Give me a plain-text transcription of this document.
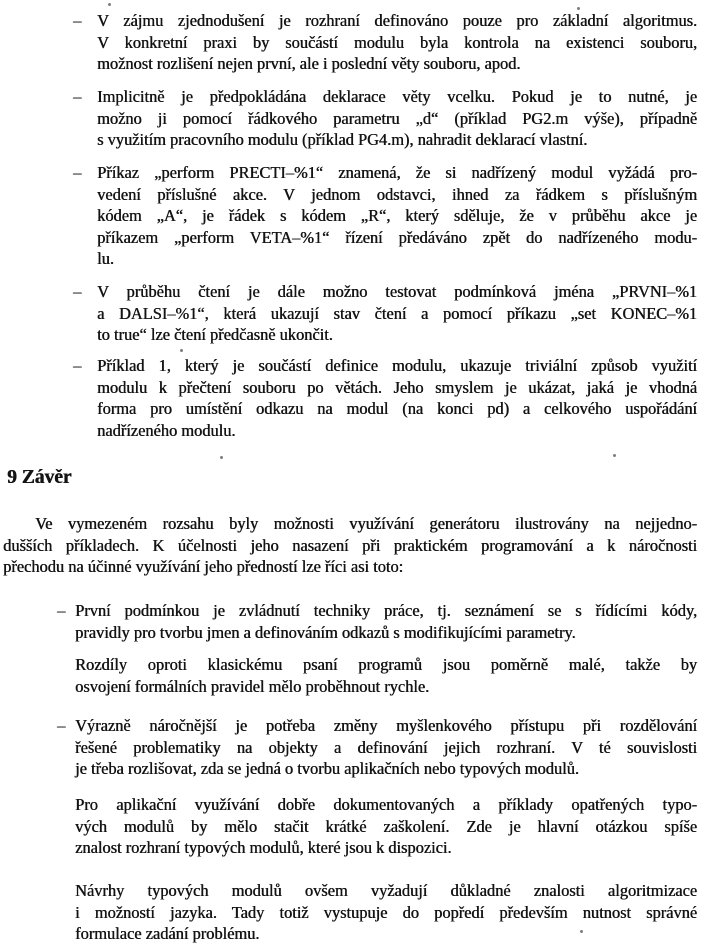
– V zájmu zjednodušení je rozhraní definováno pouze pro základní algoritmus.
V konkretní praxi by součástí modulu byla kontrola na existenci souboru,
možnost rozlišení nejen první, ale i poslední věty souboru, apod.
– Implicitně je předpokládána deklarace věty vcelku. Pokud je to nutné, je
možno ji pomocí řádkového parametru „d“ (příklad PG2.m výše), případně
s využitím pracovního modulu (příklad PG4.m), nahradit deklarací vlastní.
– Příkaz „perform PRECTI–%1“ znamená, že si nadřízený modul vyžádá pro-
vedení příslušné akce. V jednom odstavci, ihned za řádkem s příslušným
kódem „A“, je řádek s kódem „R“, který sděluje, že v průběhu akce je
příkazem „perform VETA–%1“ řízení předáváno zpět do nadřízeného modu-
lu.
– V průběhu čtení je dále možno testovat podmínková jména „PRVNI–%1
a DALSI–%1“, která ukazují stav čtení a pomocí příkazu „set KONEC–%1
to true“ lze čtení předčasně ukončit.
– Příklad 1, který je součástí definice modulu, ukazuje triviální způsob využití
modulu k přečtení souboru po větách. Jeho smyslem je ukázat, jaká je vhodná
forma pro umístění odkazu na modul (na konci pd) a celkového uspořádání
nadřízeného modulu.
9 Závěr
Ve vymezeném rozsahu byly možnosti využívání generátoru ilustrovány na nejjedno-
dušších příkladech. K účelnosti jeho nasazení při praktickém programování a k náročnosti
přechodu na účinné využívání jeho předností lze říci asi toto:
– První podmínkou je zvládnutí techniky práce, tj. seznámení se s řídícími kódy,
pravidly pro tvorbu jmen a definováním odkazů s modifikujícími parametry.
Rozdíly oproti klasickému psaní programů jsou poměrně malé, takže by
osvojení formálních pravidel mělo proběhnout rychle.
– Výrazně náročnější je potřeba změny myšlenkového přístupu při rozdělování
řešené problematiky na objekty a definování jejich rozhraní. V té souvislosti
je třeba rozlišovat, zda se jedná o tvorbu aplikačních nebo typových modulů.
Pro aplikační využívání dobře dokumentovaných a příklady opatřených typo-
vých modulů by mělo stačit krátké zaškolení. Zde je hlavní otázkou spíše
znalost rozhraní typových modulů, které jsou k dispozici.
Návrhy typových modulů ovšem vyžadují důkladné znalosti algoritmizace
i možností jazyka. Tady totiž vystupuje do popředí především nutnost správné
formulace zadání problému.
